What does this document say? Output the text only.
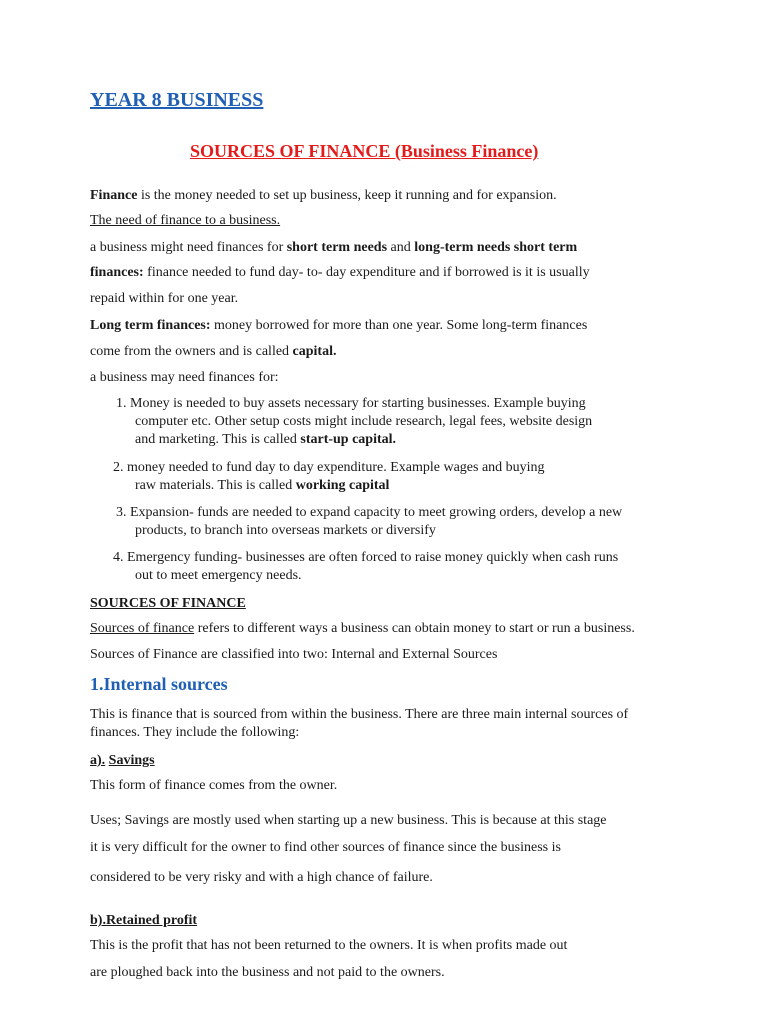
YEAR 8 BUSINESS
SOURCES OF FINANCE (Business Finance)
Finance is the money needed to set up business, keep it running and for expansion.
The need of finance to a business.
a business might need finances for short term needs and long-term needs short term
finances: finance needed to fund day- to- day expenditure and if borrowed is it is usually
repaid within for one year.
Long term finances: money borrowed for more than one year. Some long-term finances
come from the owners and is called capital.
a business may need finances for:
1. Money is needed to buy assets necessary for starting businesses. Example buying
computer etc. Other setup costs might include research, legal fees, website design
and marketing. This is called start-up capital.
2. money needed to fund day to day expenditure. Example wages and buying
raw materials. This is called working capital
3. Expansion- funds are needed to expand capacity to meet growing orders, develop a new
products, to branch into overseas markets or diversify
4. Emergency funding- businesses are often forced to raise money quickly when cash runs
out to meet emergency needs.
SOURCES OF FINANCE
Sources of finance refers to different ways a business can obtain money to start or run a business.
Sources of Finance are classified into two: Internal and External Sources
1.Internal sources
This is finance that is sourced from within the business. There are three main internal sources of
finances. They include the following:
a). Savings
This form of finance comes from the owner.
Uses; Savings are mostly used when starting up a new business. This is because at this stage
it is very difficult for the owner to find other sources of finance since the business is
considered to be very risky and with a high chance of failure.
b).Retained profit
This is the profit that has not been returned to the owners. It is when profits made out
are ploughed back into the business and not paid to the owners.
